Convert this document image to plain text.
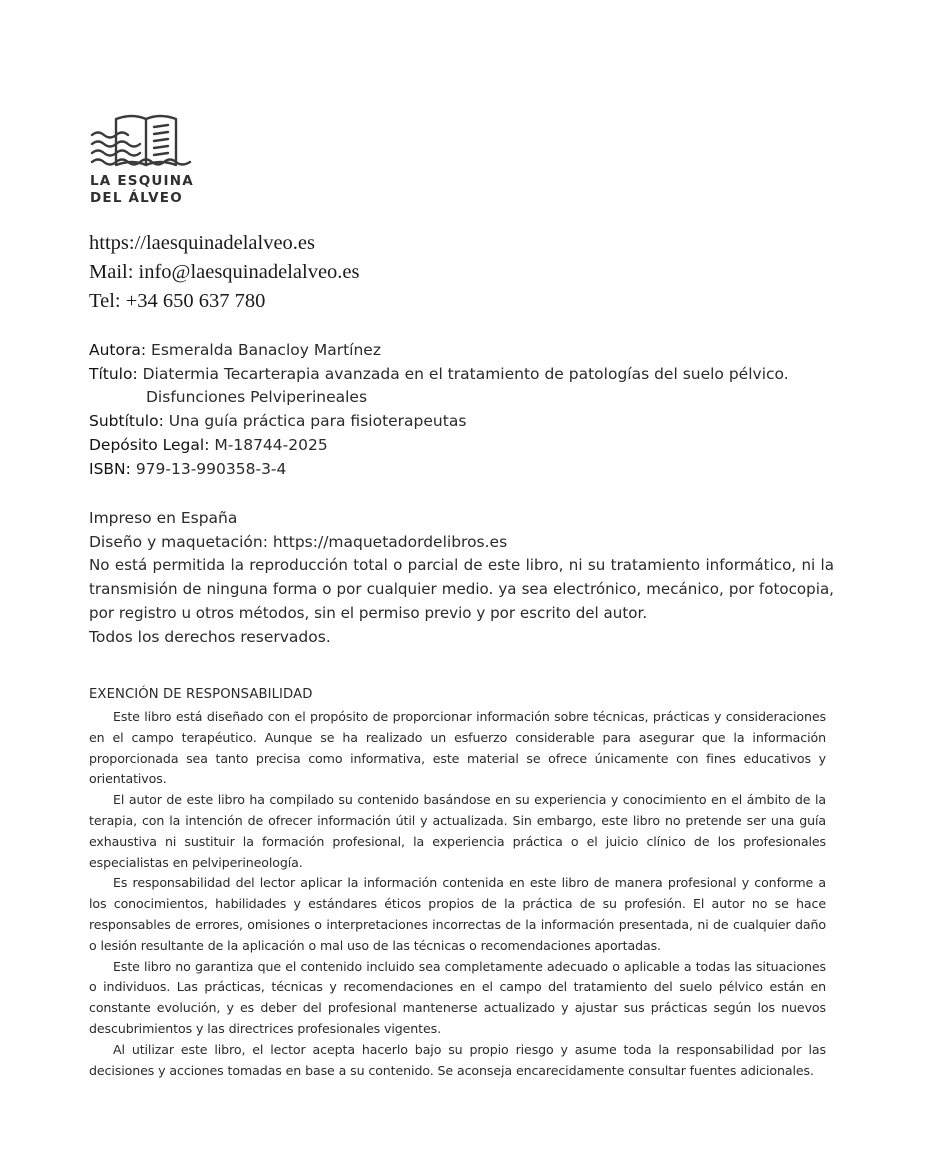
LA ESQUINA
DEL ÁLVEO
https://laesquinadelalveo.es
Mail: info@laesquinadelalveo.es
Tel: +34 650 637 780
Autora: Esmeralda Banacloy Martínez
Título: Diatermia Tecarterapia avanzada en el tratamiento de patologías del suelo pélvico.
Disfunciones Pelviperineales
Subtítulo: Una guía práctica para fisioterapeutas
Depósito Legal: M-18744-2025
ISBN: 979-13-990358-3-4
Impreso en España
Diseño y maquetación: https://maquetadordelibros.es
No está permitida la reproducción total o parcial de este libro, ni su tratamiento informático, ni la transmisión de ninguna forma o por cualquier medio. ya sea electrónico, mecánico, por fotocopia, por registro u otros métodos, sin el permiso previo y por escrito del autor.
Todos los derechos reservados.
EXENCIÓN DE RESPONSABILIDAD

Este libro está diseñado con el propósito de proporcionar información sobre técnicas, prácticas y consideraciones en el campo terapéutico. Aunque se ha realizado un esfuerzo considerable para asegurar que la información proporcionada sea tanto precisa como informativa, este material se ofrece únicamente con fines educativos y orientativos.

El autor de este libro ha compilado su contenido basándose en su experiencia y conocimiento en el ámbito de la terapia, con la intención de ofrecer información útil y actualizada. Sin embargo, este libro no pretende ser una guía exhaustiva ni sustituir la formación profesional, la experiencia práctica o el juicio clínico de los profesionales especialistas en pelviperineología.

Es responsabilidad del lector aplicar la información contenida en este libro de manera profesional y conforme a los conocimientos, habilidades y estándares éticos propios de la práctica de su profesión. El autor no se hace responsables de errores, omisiones o interpretaciones incorrectas de la información presentada, ni de cualquier daño o lesión resultante de la aplicación o mal uso de las técnicas o recomendaciones aportadas.

Este libro no garantiza que el contenido incluido sea completamente adecuado o aplicable a todas las situaciones o individuos. Las prácticas, técnicas y recomendaciones en el campo del tratamiento del suelo pélvico están en constante evolución, y es deber del profesional mantenerse actualizado y ajustar sus prácticas según los nuevos descubrimientos y las directrices profesionales vigentes.

Al utilizar este libro, el lector acepta hacerlo bajo su propio riesgo y asume toda la responsabilidad por las decisiones y acciones tomadas en base a su contenido. Se aconseja encarecidamente consultar fuentes adicionales.
